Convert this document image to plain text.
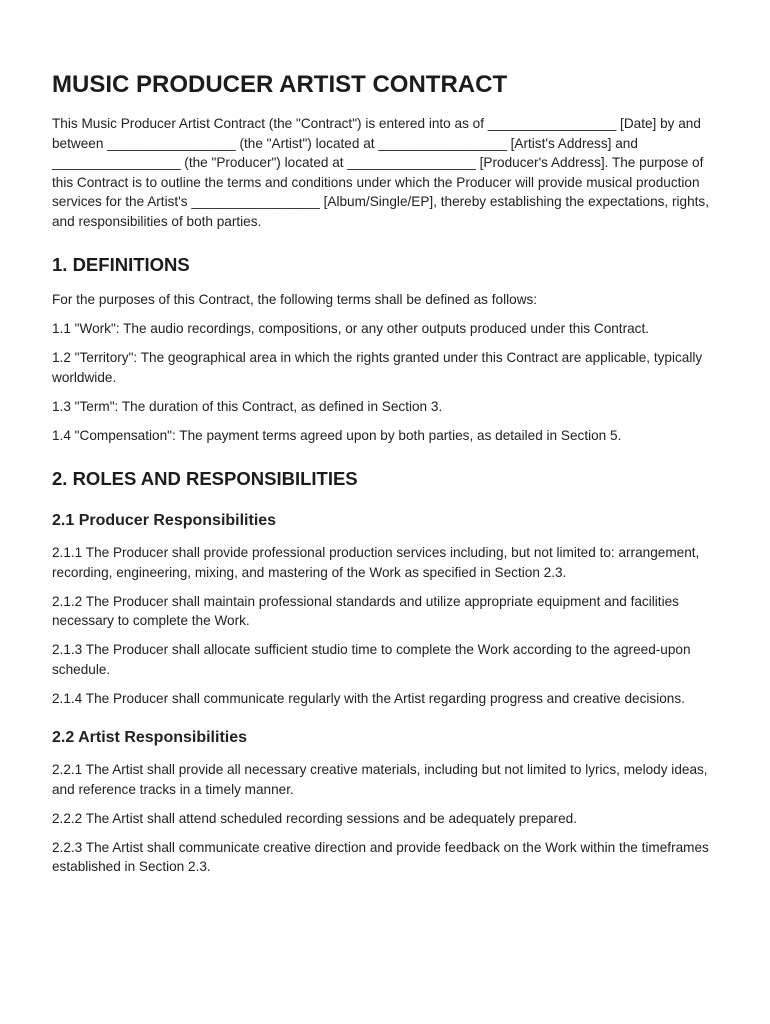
MUSIC PRODUCER ARTIST CONTRACT

This Music Producer Artist Contract (the "Contract") is entered into as of _________________ [Date] by and between _________________ (the "Artist") located at _________________ [Artist's Address] and _________________ (the "Producer") located at _________________ [Producer's Address]. The purpose of this Contract is to outline the terms and conditions under which the Producer will provide musical production services for the Artist's _________________ [Album/Single/EP], thereby establishing the expectations, rights, and responsibilities of both parties.

1. DEFINITIONS

For the purposes of this Contract, the following terms shall be defined as follows:

1.1 "Work": The audio recordings, compositions, or any other outputs produced under this Contract.

1.2 "Territory": The geographical area in which the rights granted under this Contract are applicable, typically worldwide.

1.3 "Term": The duration of this Contract, as defined in Section 3.

1.4 "Compensation": The payment terms agreed upon by both parties, as detailed in Section 5.

2. ROLES AND RESPONSIBILITIES
2.1 Producer Responsibilities

2.1.1 The Producer shall provide professional production services including, but not limited to: arrangement, recording, engineering, mixing, and mastering of the Work as specified in Section 2.3.

2.1.2 The Producer shall maintain professional standards and utilize appropriate equipment and facilities necessary to complete the Work.

2.1.3 The Producer shall allocate sufficient studio time to complete the Work according to the agreed-upon schedule.

2.1.4 The Producer shall communicate regularly with the Artist regarding progress and creative decisions.

2.2 Artist Responsibilities

2.2.1 The Artist shall provide all necessary creative materials, including but not limited to lyrics, melody ideas, and reference tracks in a timely manner.

2.2.2 The Artist shall attend scheduled recording sessions and be adequately prepared.

2.2.3 The Artist shall communicate creative direction and provide feedback on the Work within the timeframes established in Section 2.3.
